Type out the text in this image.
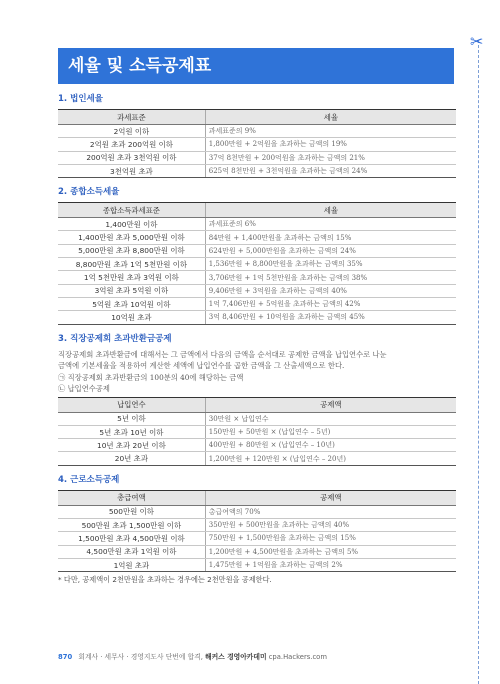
✂
세율 및 소득공제표
1. 법인세율
과세표준	세율
2억원 이하	과세표준의 9%
2억원 초과 200억원 이하	1,800만원 + 2억원을 초과하는 금액의 19%
200억원 초과 3천억원 이하	37억 8천만원 + 200억원을 초과하는 금액의 21%
3천억원 초과	625억 8천만원 + 3천억원을 초과하는 금액의 24%
2. 종합소득세율
종합소득과세표준	세율
1,400만원 이하	과세표준의 6%
1,400만원 초과 5,000만원 이하	84만원 + 1,400만원을 초과하는 금액의 15%
5,000만원 초과 8,800만원 이하	624만원 + 5,000만원을 초과하는 금액의 24%
8,800만원 초과 1억 5천만원 이하	1,536만원 + 8,800만원을 초과하는 금액의 35%
1억 5천만원 초과 3억원 이하	3,706만원 + 1억 5천만원을 초과하는 금액의 38%
3억원 초과 5억원 이하	9,406만원 + 3억원을 초과하는 금액의 40%
5억원 초과 10억원 이하	1억 7,406만원 + 5억원을 초과하는 금액의 42%
10억원 초과	3억 8,406만원 + 10억원을 초과하는 금액의 45%
3. 직장공제회 초과반환금공제

직장공제회 초과반환금에 대해서는 그 금액에서 다음의 금액을 순서대로 공제한 금액을 납입연수로 나눈

금액에 기본세율을 적용하여 계산한 세액에 납입연수를 곱한 금액을 그 산출세액으로 한다.

㉠ 직장공제회 초과반환금의 100분의 40에 해당하는 금액

㉡ 납입연수공제

납입연수	공제액
5년 이하	30만원 × 납입연수
5년 초과 10년 이하	150만원 + 50만원 × (납입연수 – 5년)
10년 초과 20년 이하	400만원 + 80만원 × (납입연수 – 10년)
20년 초과	1,200만원 + 120만원 × (납입연수 – 20년)
4. 근로소득공제
총급여액	공제액
500만원 이하	총급여액의 70%
500만원 초과 1,500만원 이하	350만원 + 500만원을 초과하는 금액의 40%
1,500만원 초과 4,500만원 이하	750만원 + 1,500만원을 초과하는 금액의 15%
4,500만원 초과 1억원 이하	1,200만원 + 4,500만원을 초과하는 금액의 5%
1억원 초과	1,475만원 + 1억원을 초과하는 금액의 2%
* 다만, 공제액이 2천만원을 초과하는 경우에는 2천만원을 공제한다.
870 회계사 · 세무사 · 경영지도사 단번에 합격, 해커스 경영아카데미 cpa.Hackers.com
